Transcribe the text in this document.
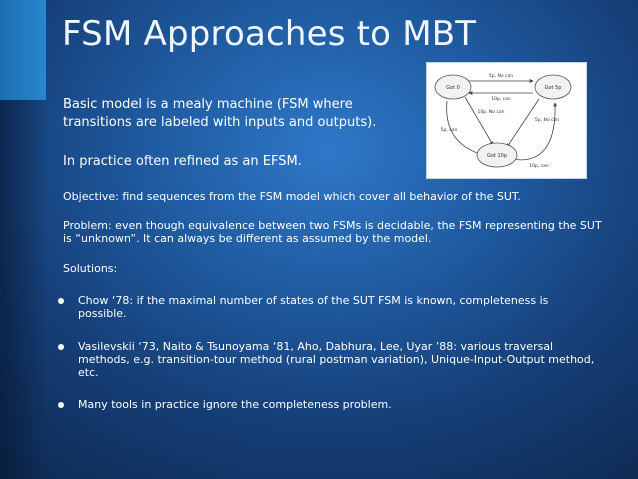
FSM Approaches to MBT
Basic model is a mealy machine (FSM where transitions are labeled with inputs and outputs).
In practice often refined as an EFSM.
Objective: find sequences from the FSM model which cover all behavior of the SUT.
Problem: even though equivalence between two FSMs is decidable, the FSM representing the SUT is “unknown”. It can always be different as assumed by the model.
Solutions:
Chow ‘78: if the maximal number of states of the SUT FSM is known, completeness is possible.
Vasilevskii ‘73, Naito & Tsunoyama ‘81, Aho, Dabhura, Lee, Uyar ’88: various traversal methods, e.g. transition-tour method (rural postman variation), Unique-Input-Output method, etc.
Many tools in practice ignore the completeness problem.
Got 0	Got 5p
Got 10p
5p, No can
10p, can
10p, No can
5p, No can
5p, can
10p, can
